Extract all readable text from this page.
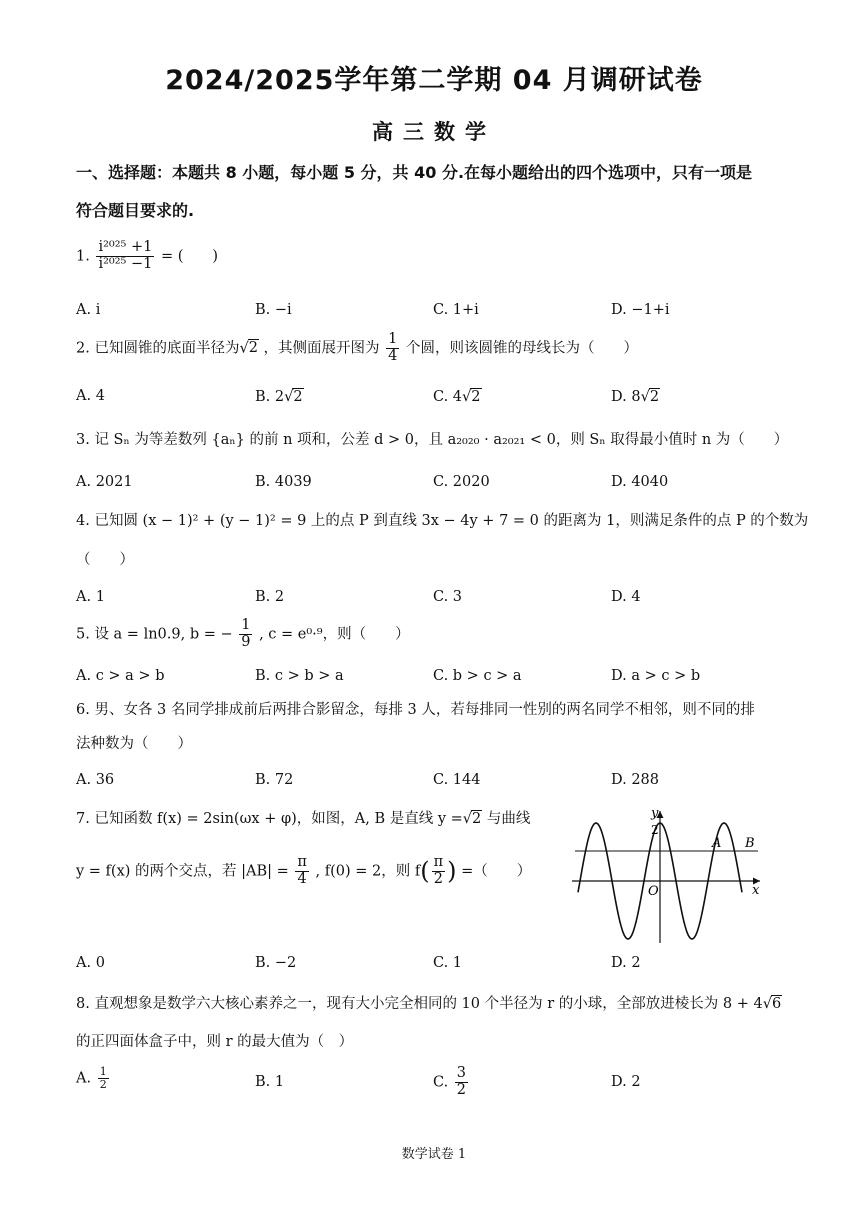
2024/2025学年第二学期 04 月调研试卷
高三数学
一、选择题：本题共 8 小题，每小题 5 分，共 40 分.在每小题给出的四个选项中，只有一项是
符合题目要求的.
1. $\frac{\text{i²⁰²⁵ +1}}{\text{i²⁰²⁵ −1}}$ = (　　)
A. i	B. −i	C. 1+i	D. −1+i
2. 已知圆锥的底面半径为√2 ，其侧面展开图为 $\frac{1}{4}$ 个圆，则该圆锥的母线长为（　　）
A. 4	B. 2√2	C. 4√2	D. 8√2
3. 记 Sₙ 为等差数列 {aₙ} 的前 n 项和，公差 d > 0，且 a₂₀₂₀ · a₂₀₂₁ < 0，则 Sₙ 取得最小值时 n 为（　　）
A. 2021	B. 4039	C. 2020	D. 4040
4. 已知圆 (x − 1)² + (y − 1)² = 9 上的点 P 到直线 3x − 4y + 7 = 0 的距离为 1，则满足条件的点 P 的个数为
（　　）
A. 1	B. 2	C. 3	D. 4
5. 设 a = ln0.9, b = − $\frac{1}{9}$ , c = e⁰·⁹，则（　　）
A. c > a > b	B. c > b > a	C. b > c > a	D. a > c > b
6. 男、女各 3 名同学排成前后两排合影留念，每排 3 人，若每排同一性别的两名同学不相邻，则不同的排
法种数为（　　）
A. 36	B. 72	C. 144	D. 288
7. 已知函数 f(x) = 2sin(ωx + φ)，如图，A, B 是直线 y =√2 与曲线
y = f(x) 的两个交点，若 $|AB| = \frac{\pi}{4}$ , f(0) = 2，则 $f( \frac{\pi}{2}$ ) =（　　）
y
2
x
O
A B
A. 0	B. −2	C. 1	D. 2
8. 直观想象是数学六大核心素养之一，现有大小完全相同的 10 个半径为 r 的小球，全部放进棱长为 8 + 4√6
的正四面体盒子中，则 r 的最大值为（　）
A. $\frac{1}{2}$	B. 1	C. $\frac{3}{2}$	D. 2
数学试卷 1
